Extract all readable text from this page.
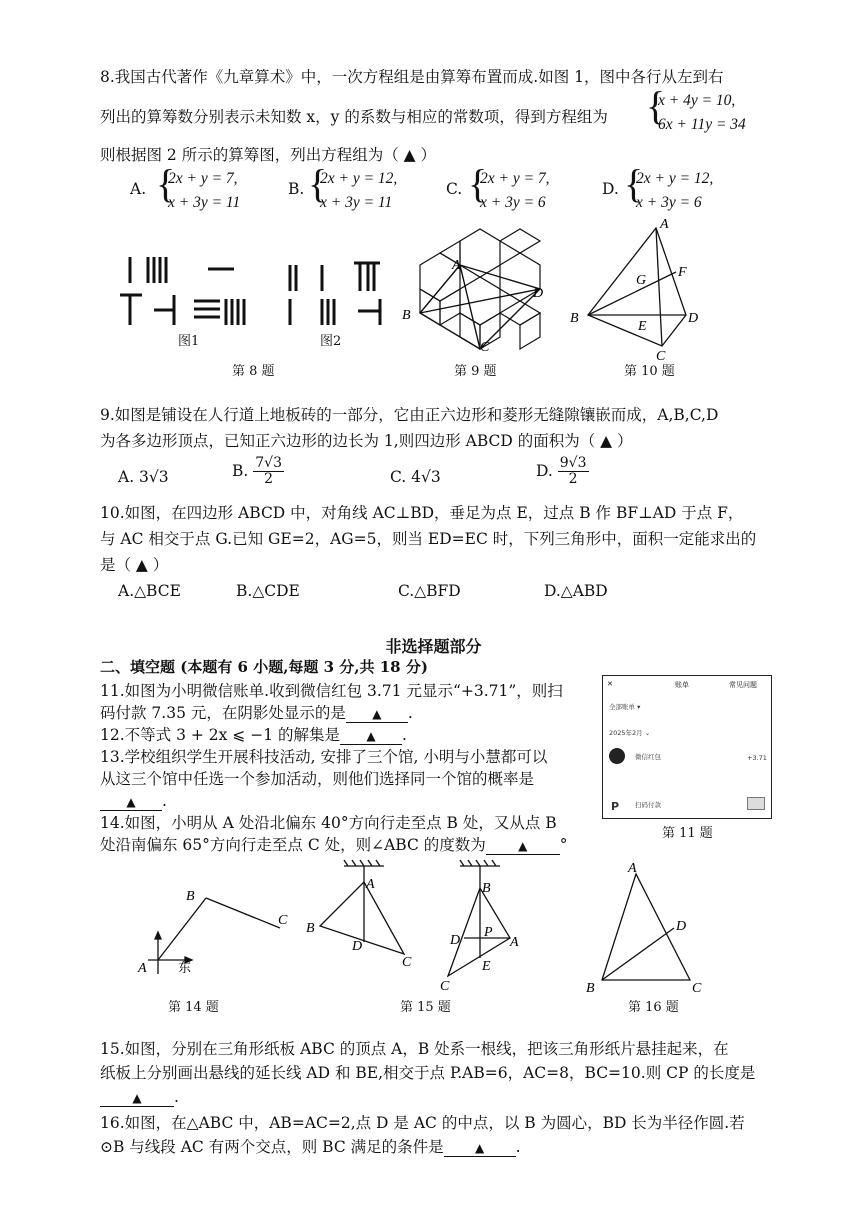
8.我国古代著作《九章算术》中，一次方程组是由算筹布置而成.如图 1，图中各行从左到右
列出的算筹数分别表示未知数 x，y 的系数与相应的常数项，得到方程组为 {
x + 4y = 10,
6x + 11y = 34
则根据图 2 所示的算筹图，列出方程组为（ ▲ ）
A. {
2x + y = 7,
x + 3y = 11
B. {
2x + y = 12,
x + 3y = 11
C. {
2x + y = 7,
x + 3y = 6
D. {
2x + y = 12,
x + 3y = 6
图1	图2
第 8 题
A
B
C
D
第 9 题
A
B
C
D
E
F
G
第 10 题
9.如图是铺设在人行道上地板砖的一部分，它由正六边形和菱形无缝隙镶嵌而成，A,B,C,D
为各多边形顶点，已知正六边形的边长为 1,则四边形 ABCD 的面积为（ ▲ ）
A. 3√3	B. $\frac{7√3}{2}$	C. 4√3	D. $\frac{9√3}{2}$
10.如图，在四边形 ABCD 中，对角线 AC⊥BD，垂足为点 E，过点 B 作 BF⊥AD 于点 F，
与 AC 相交于点 G.已知 GE=2，AG=5，则当 ED=EC 时，下列三角形中，面积一定能求出的
是（ ▲ ）
A.△BCE	B.△CDE	C.△BFD	D.△ABD
非选择题部分
二、填空题 (本题有 6 小题,每题 3 分,共 18 分)
11.如图为小明微信账单.收到微信红包 3.71 元显示“+3.71”，则扫
码付款 7.35 元，在阴影处显示的是 ▲ .
✕	账单	常见问题
全部账单 ▾
2025年2月 ⌄
微信红包	+3.71
P 扫码付款
第 11 题
12.不等式 3 + 2x ⩽ −1 的解集是 ▲ .
13.学校组织学生开展科技活动, 安排了三个馆, 小明与小慧都可以
从这三个馆中任选一个参加活动，则他们选择同一个馆的概率是
▲ .
14.如图，小明从 A 处沿北偏东 40°方向行走至点 B 处，又从点 B
处沿南偏东 65°方向行走至点 C 处，则∠ABC 的度数为	▲ °
A
B
C
东
第 14 题
A
B
D
C
B
D
P
A
E
C
第 15 题
A
B	C
D
第 16 题
15.如图，分别在三角形纸板 ABC 的顶点 A，B 处系一根线，把该三角形纸片悬挂起来，在
纸板上分别画出悬线的延长线 AD 和 BE,相交于点 P.AB=6，AC=8，BC=10.则 CP 的长度是
▲ .
16.如图，在△ABC 中，AB=AC=2,点 D 是 AC 的中点，以 B 为圆心，BD 长为半径作圆.若
⊙B 与线段 AC 有两个交点，则 BC 满足的条件是	▲ .
